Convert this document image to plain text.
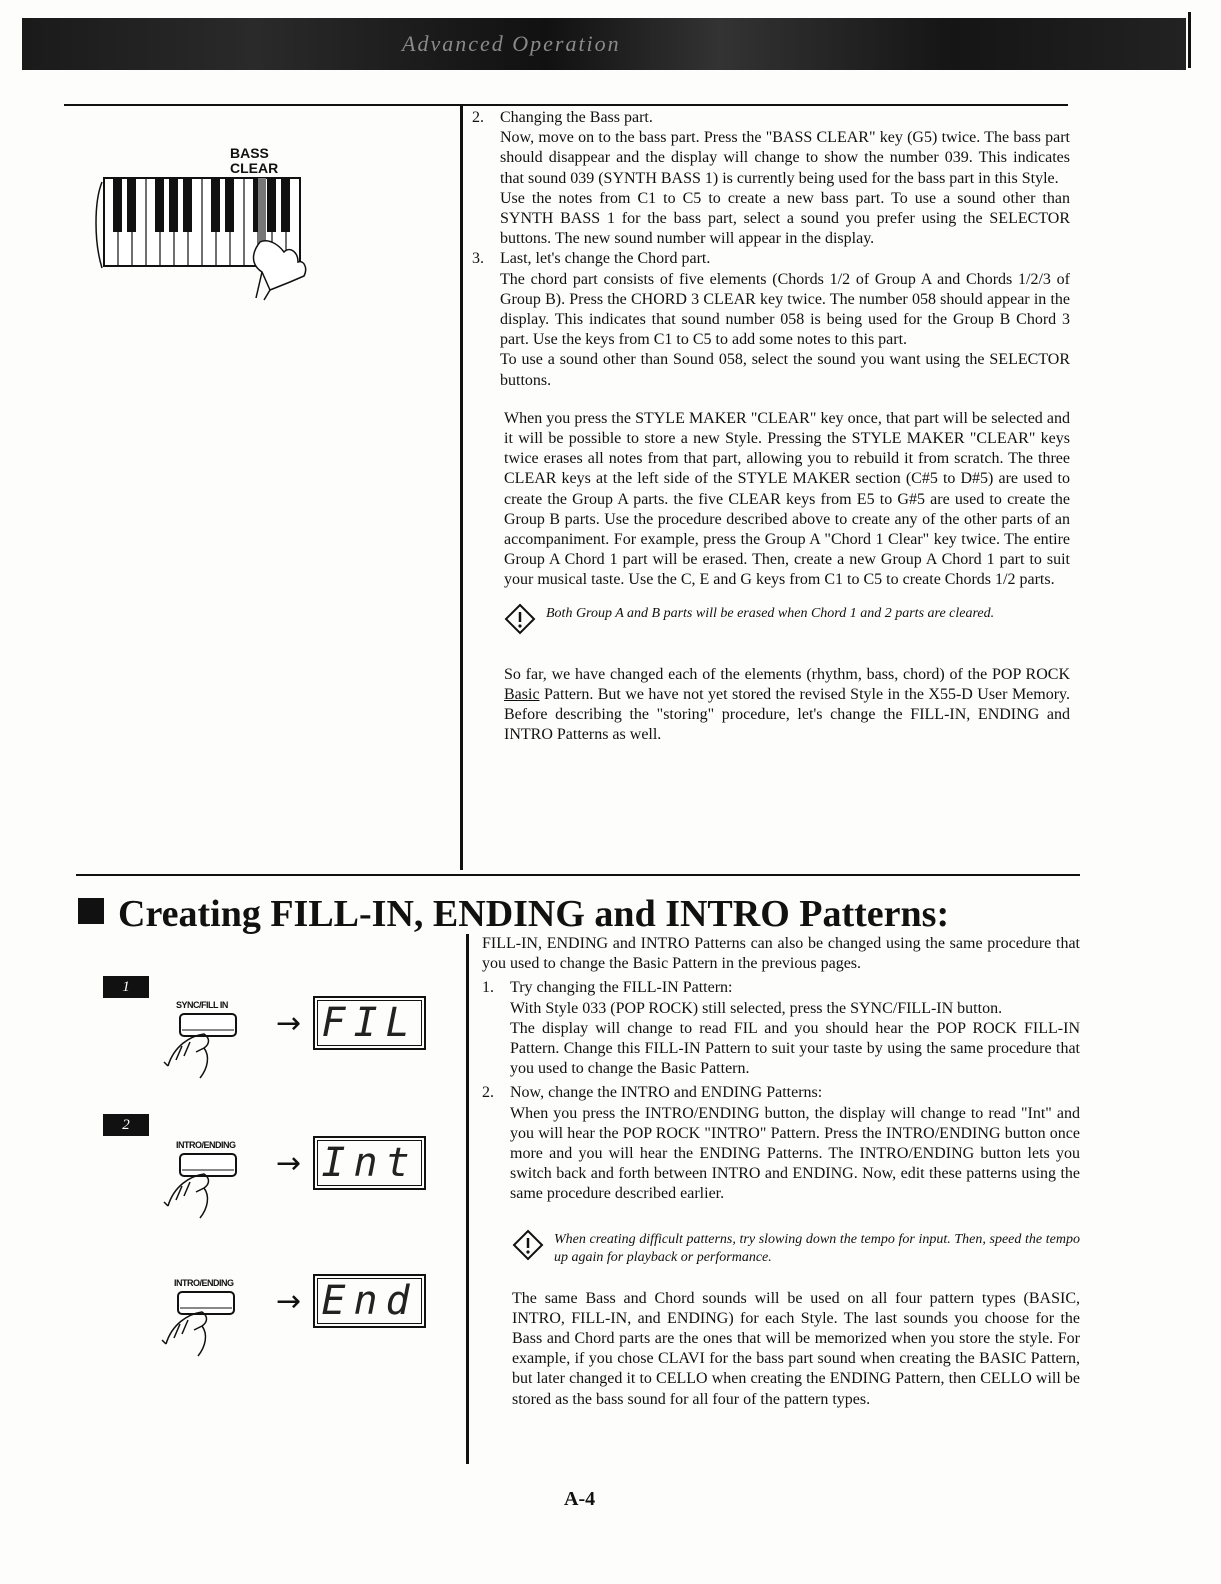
Advanced Operation
BASS
CLEAR
2.	Changing the Bass part.

Now, move on to the bass part. Press the "BASS CLEAR" key (G5) twice. The bass part should disappear and the display will change to show the number 039. This indicates that sound 039 (SYNTH BASS 1) is currently being used for the bass part in this Style.

Use the notes from C1 to C5 to create a new bass part. To use a sound other than SYNTH BASS 1 for the bass part, select a sound you prefer using the SELECTOR buttons. The new sound number will appear in the display.

3.	Last, let's change the Chord part.

The chord part consists of five elements (Chords 1/2 of Group A and Chords 1/2/3 of Group B). Press the CHORD 3 CLEAR key twice. The number 058 should appear in the display. This indicates that sound number 058 is being used for the Group B Chord 3 part. Use the keys from C1 to C5 to add some notes to this part.

To use a sound other than Sound 058, select the sound you want using the SELECTOR buttons.

When you press the STYLE MAKER "CLEAR" key once, that part will be selected and it will be possible to store a new Style. Pressing the STYLE MAKER "CLEAR" keys twice erases all notes from that part, allowing you to rebuild it from scratch. The three CLEAR keys at the left side of the STYLE MAKER section (C#5 to D#5) are used to create the Group A parts. the five CLEAR keys from E5 to G#5 are used to create the Group B parts. Use the procedure described above to create any of the other parts of an accompaniment. For example, press the Group A "Chord 1 Clear" key twice. The entire Group A Chord 1 part will be erased. Then, create a new Group A Chord 1 part to suit your musical taste. Use the C, E and G keys from C1 to C5 to create Chords 1/2 parts.

Both Group A and B parts will be erased when Chord 1 and 2 parts are cleared.

So far, we have changed each of the elements (rhythm, bass, chord) of the POP ROCK Basic Pattern. But we have not yet stored the revised Style in the X55-D User Memory. Before describing the "storing" procedure, let's change the FILL-IN, ENDING and INTRO Patterns as well.

Creating FILL-IN, ENDING and INTRO Patterns:
1
SYNC/FILL IN
→ FIL
2
INTRO/ENDING
→ Int
INTRO/ENDING
→ End

FILL-IN, ENDING and INTRO Patterns can also be changed using the same procedure that you used to change the Basic Pattern in the previous pages.

1.	Try changing the FILL-IN Pattern:

With Style 033 (POP ROCK) still selected, press the SYNC/FILL-IN button.

The display will change to read FIL and you should hear the POP ROCK FILL-IN Pattern. Change this FILL-IN Pattern to suit your taste by using the same procedure that you used to change the Basic Pattern.

2.	Now, change the INTRO and ENDING Patterns:

When you press the INTRO/ENDING button, the display will change to read "Int" and you will hear the POP ROCK "INTRO" Pattern. Press the INTRO/ENDING button once more and you will hear the ENDING Patterns. The INTRO/ENDING button lets you switch back and forth between INTRO and ENDING. Now, edit these patterns using the same procedure described earlier.

When creating difficult patterns, try slowing down the tempo for input. Then, speed the tempo up again for playback or performance.

The same Bass and Chord sounds will be used on all four pattern types (BASIC, INTRO, FILL-IN, and ENDING) for each Style. The last sounds you choose for the Bass and Chord parts are the ones that will be memorized when you store the style. For example, if you chose CLAVI for the bass part sound when creating the BASIC Pattern, but later changed it to CELLO when creating the ENDING Pattern, then CELLO will be stored as the bass sound for all four of the pattern types.

A-4
